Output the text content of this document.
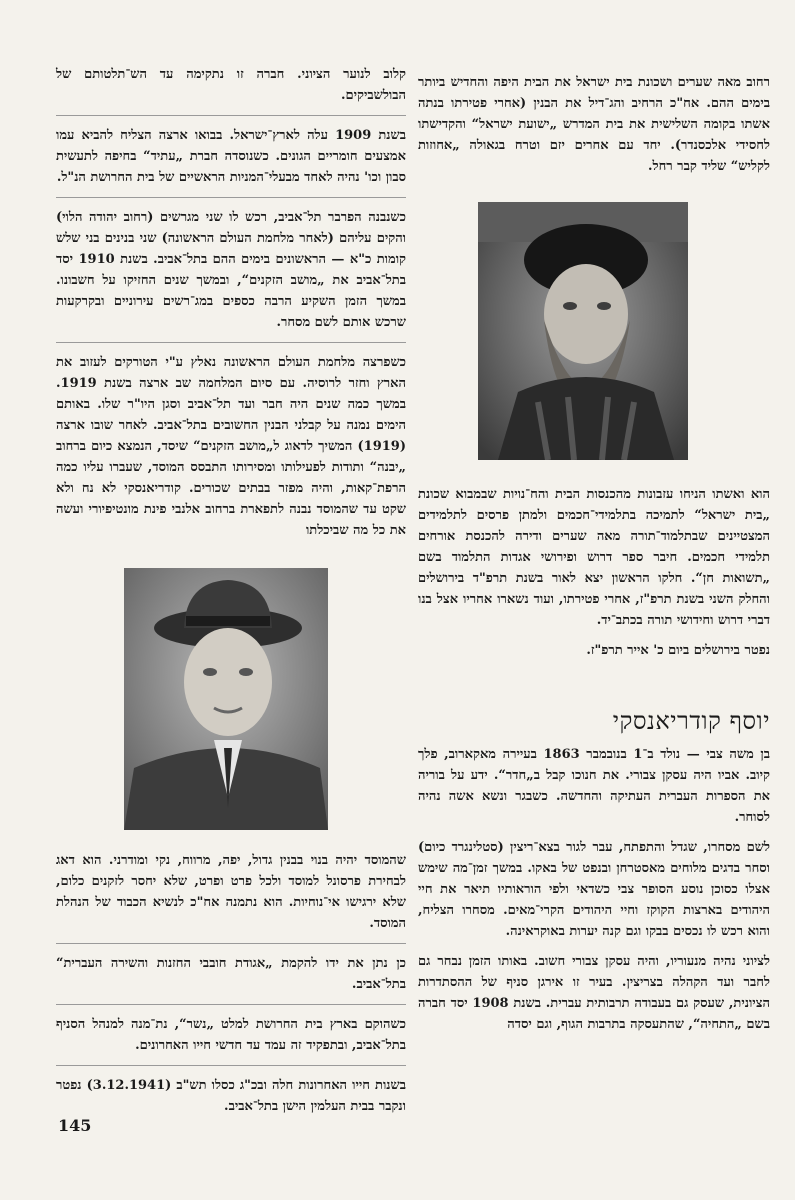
רחוב מאה שערים ושכונת בית ישראל את הבית היפה והחדיש ביותר בימים ההם. אח"כ הרחיב והג־דיל את הבנין (אחרי פטירתו בנתה אשתו בקומה השלישית את בית המדרש „ישועת ישראל“ והקדישתו לחסידי אלכסנדר). יחד עם אחרים יזם וטרח בגאולה „אחוזות לקליש“ שליד קבר רחל.

הוא ואשתו הניחו עזבונות מהכנסות הבית והח־נויות שבמבוא שכונת „בית ישראל“ לתמיכה בתלמידי־חכמים ולמתן פרסים לתלמידים המצטיינים שבתלמוד־תורה מאה שערים ודירה להכנסת אורחים תלמידי חכמים. חיבר ספר דרוש ופירושי אגדות התלמוד בשם „תשואות חן“. חלקו הראשון יצא לאור בשנת תרפ"ד בירושלים והחלק השני בשנת תרפ"ז, אחרי פטירתו, ועוד נשארו אחריו אצל בנו דברי דרוש וחידושי תורה בכתב־יד.

נפטר בירושלים ביום כ' אייר תרפ"ז.

יוסף קודריאנסקי

בן משה צבי — נולד ב־1 בנובמבר 1863 בעיירה מאקארוב, פלך קיוב. אביו היה עסקן צבורי. את חנוכו קבל ב„חדר“. ידע על בוריה את הספרות העברית העתיקה והחדשה. כשבגר ונשא אשה נהיה לסוחר.

לשם מסחרו, שגדל והתפתח, עבר לגור בצא־ריצין (סטלינגרד כיום) וסחר בדגים מלוחים מאסטרחן ובנפט של באקו. במשך זמן־מה שימש אצלו כסוכן נוסע הסופר צבי כשדאי ולפי הוראותיו תיאר את חיי היהודים בארצות הקוקז וחיי היהודים הקרי־מאים. מסחרו הצליח, והוא רכש לו נכסים בבקו וגם קנה יערות באוקראינה.

לציוני נהיה מנעוריו, והיה עסקן צבורי חשוב. באותו הזמן נבחר גם לחבר ועד הקהלה בצריצין. בעיר זו אירגן סניף של ההסתדרות הציונית, שעסק גם בעבודה תרבותית עברית. בשנת 1908 יסד חברה בשם „התחיה“, שהתעסקה בתרבות הגוף, וגם יסדה

קלוב לנוער הציוני. חברה זו נתקימה עד הש־תלטותם של הבולשביקים.

בשנת 1909 עלה לארץ־ישראל. בבואו ארצה הצליח להביא עמו אמצעים חומריים הגונים. כשנוסדה חברת „עתיד“ בחיפה לתעשית סבון וכו' נהיה לאחד מבעלי־המניות הראשיים של בית החרושת הנ"ל.

כשנבנה הפרבר תל־אביב, רכש לו שני מגרשים (רחוב יהודה הלוי) והקים עליהם (לאחר מלחמת העולם הראשונה) שני בנינים בני שלש קומות כ"א — הראשונים בימים ההם בתל־אביב. בשנת 1910 יסד בתל־אביב את „מושב הזקנים“, ובמשך שנים החזיקו על חשבונו. במשך הזמן השקיע הרבה כספים במג־רשים עירוניים ובקרקעות שרכש אותם לשם מסחר.

כשפרצה מלחמת העולם הראשונה נאלץ ע"י הטורקים לעזוב את הארץ וחזר לרוסיה. עם סיום המלחמה שב ארצה בשנת 1919. במשך כמה שנים היה חבר ועד תל־אביב וסגן היו"ר שלו. באותם הימים נמנה על קבלני הבנין החשובים בתל־אביב. לאחר שובו ארצה (1919) המשיך לדאוג ל„מושב הזקנים“ שיסד, הנמצא כיום ברחוב „יבנה“ ותודות לפעילותו ומסירותו התבסס המוסד, שעברו עליו כמה הרפת־קאות, והיה מפזר בבתים שכורים. קודריאנסקי לא נח ולא שקט עד שהמוסד נבנה לתפארת ברחוב אלנבי פינת מונטיפיורי ועשה את כל מה שביכלתו

שהמוסד יהיה בנוי בבנין גדול, יפה, מרווח, נקי ומודרני. הוא דאג לבחירת פרסונל למוסד ולכל פרט ופרט, שלא יחסר לזקנים כלום, שלא ירגישו אי־נוחיות. הוא נתמנה אח"כ לנשיא הכבוד של הנהלת המוסד.

כן נתן את ידו להקמת „אגודת חובבי החזנות והשירה העברית“ בתל־אביב.

כשהוקם בארץ בית החרושת למלט „נשר“, נת־מנה למנהל הסניף בתל־אביב, ובתפקיד זה עמד עד חדשי חייו האחרונים.

בשנות חייו האחרונות חלה ובכ"ג כסלו תש"ב (3.12.1941) נפטר ונקבר בבית העלמין הישן בתל־אביב.

145
